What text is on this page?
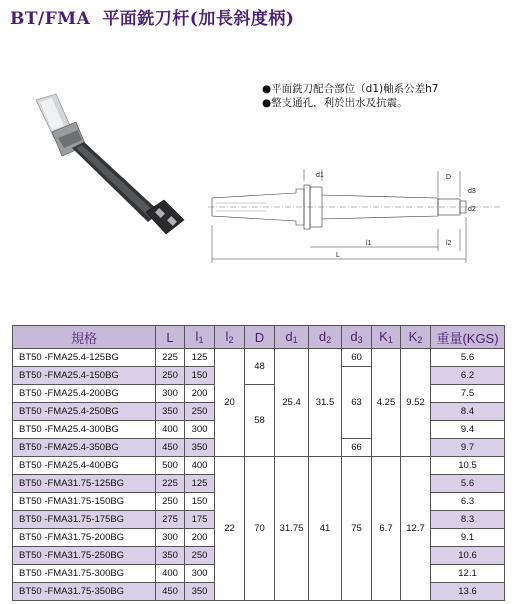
BT/FMA 平面銑刀杆(加長斜度柄)
●平面銑刀配合部位（d1)軸系公差h7
●整支通孔，利於出水及抗震。
d1	D
d3
d2
l1	l2
L
規格	L	$l_1$	$l_2$	D	$d_1$	$d_2$	$d_3$	$K_1$	$K_2$	重量(KGS)
BT50 -FMA25.4-125BG	225	125	20	48	25.4	31.5	60	4.25	9.52	5.6
BT50 -FMA25.4-150BG	250	150					63			6.2
BT50 -FMA25.4-200BG	300	200		58						7.5
BT50 -FMA25.4-250BG	350	250								8.4
BT50 -FMA25.4-300BG	400	300								9.4
BT50 -FMA25.4-350BG	450	350					66			9.7
BT50 -FMA25.4-400BG	500	400	22	70	31.75	41	75	6.7	12.7	10.5
BT50 -FMA31.75-125BG	225	125								5.6
BT50 -FMA31.75-150BG	250	150								6.3
BT50 -FMA31.75-175BG	275	175								8.3
BT50 -FMA31.75-200BG	300	200								9.1
BT50 -FMA31.75-250BG	350	250								10.6
BT50 -FMA31.75-300BG	400	300								12.1
BT50 -FMA31.75-350BG	450	350								13.6
